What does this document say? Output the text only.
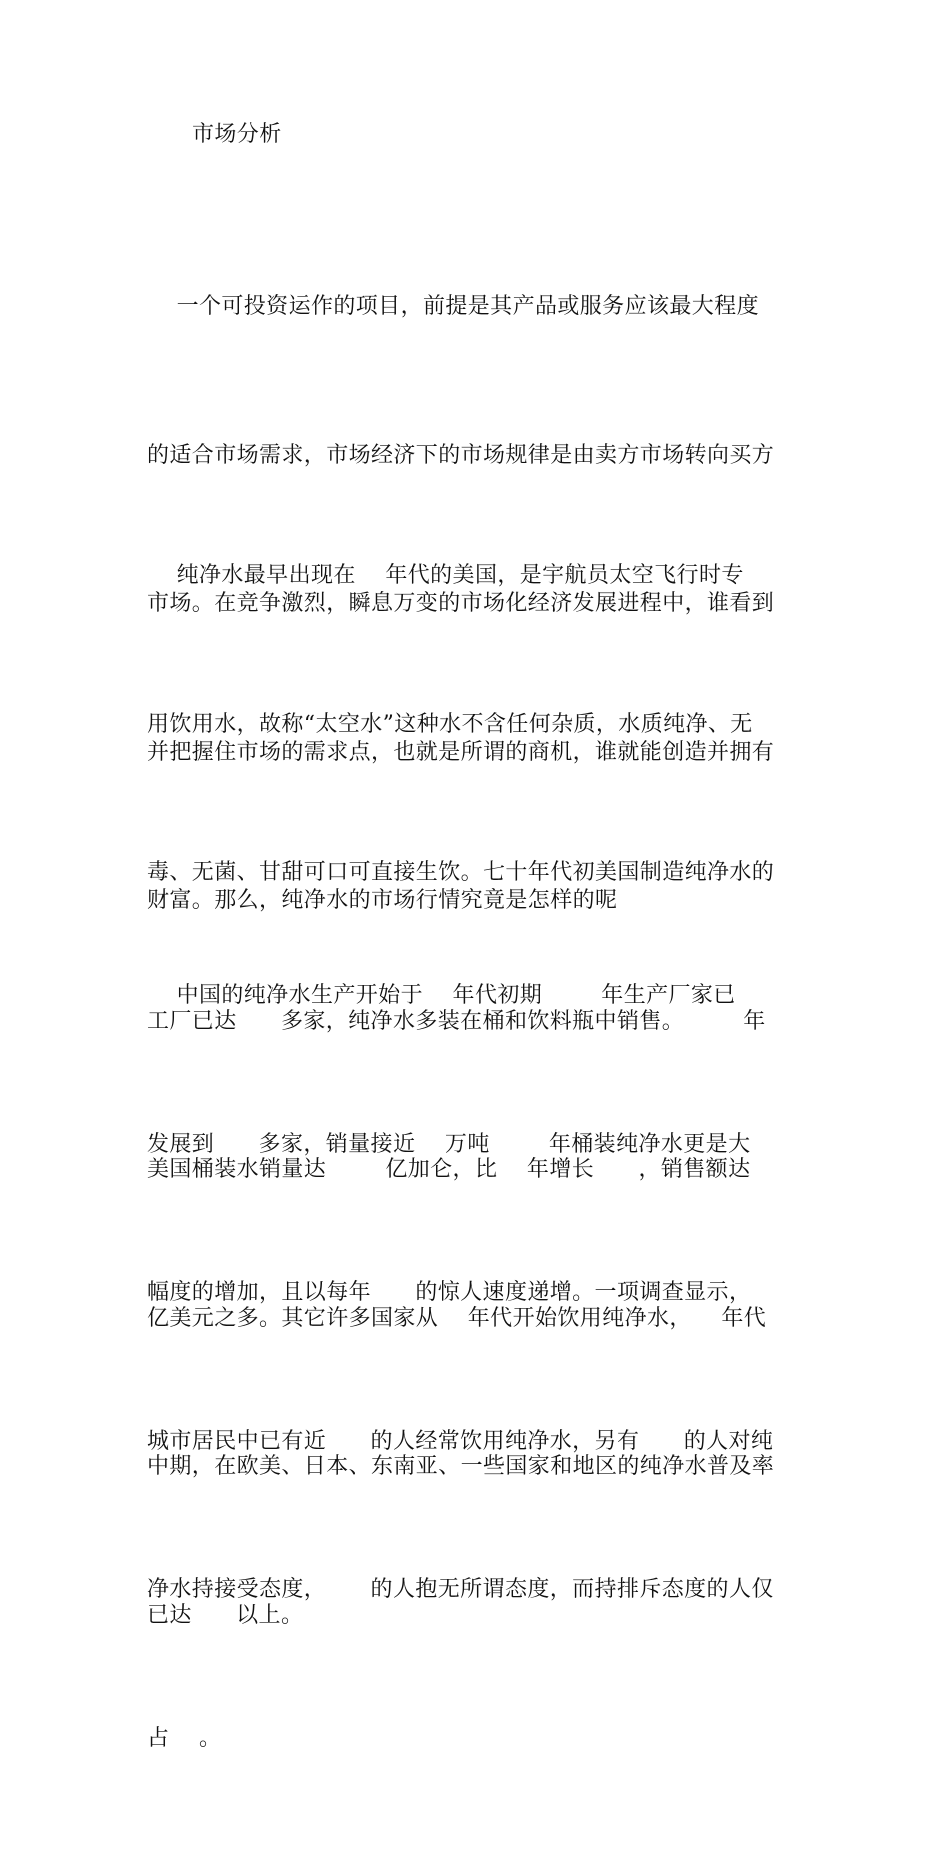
市场分析

一个可投资运作的项目，前提是其产品或服务应该最大程度

的适合市场需求，市场经济下的市场规律是由卖方市场转向买方

市场。在竞争激烈，瞬息万变的市场化经济发展进程中，谁看到

并把握住市场的需求点，也就是所谓的商机，谁就能创造并拥有

财富。那么，纯净水的市场行情究竟是怎样的呢

纯净水最早出现在    年代的美国，是宇航员太空飞行时专

用饮用水，故称“太空水”这种水不含任何杂质，水质纯净、无

毒、无菌、甘甜可口可直接生饮。七十年代初美国制造纯净水的

工厂已达      多家，纯净水多装在桶和饮料瓶中销售。        年

美国桶装水销量达        亿加仑，比    年增长      ，销售额达

亿美元之多。其它许多国家从    年代开始饮用纯净水，    年代

中期，在欧美、日本、东南亚、一些国家和地区的纯净水普及率

已达      以上。

中国的纯净水生产开始于    年代初期        年生产厂家已

发展到      多家，销量接近    万吨        年桶装纯净水更是大

幅度的增加，且以每年      的惊人速度递增。一项调查显示，

城市居民中已有近      的人经常饮用纯净水，另有      的人对纯

净水持接受态度，      的人抱无所谓态度，而持排斥态度的人仅

占    。
